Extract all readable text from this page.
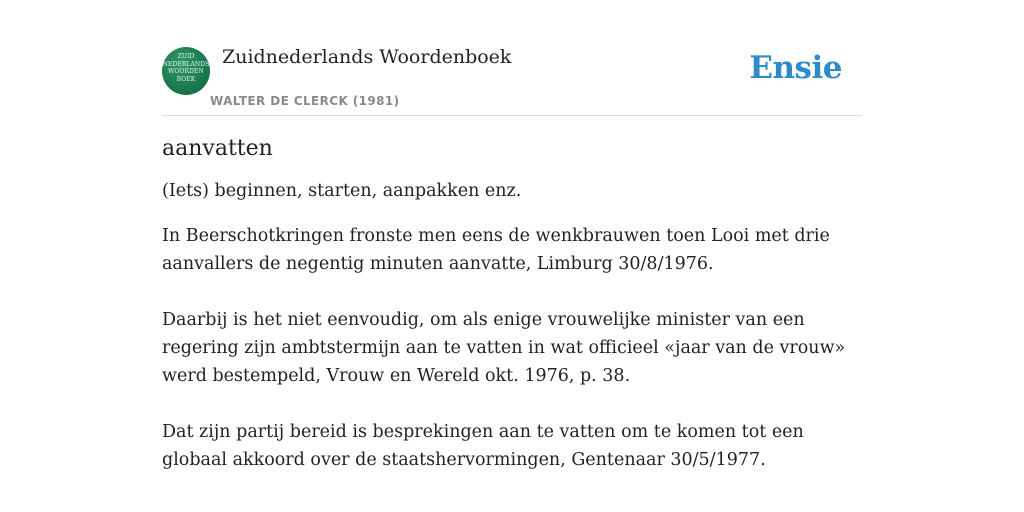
ZUID
NEDERLANDS
WOORDEN
BOEK
Zuidnederlands Woordenboek
WALTER DE CLERCK (1981)
Ensie
aanvatten

(Iets) beginnen, starten, aanpakken enz.

In Beerschotkringen fronste men eens de wenkbrauwen toen Looi met drie aanvallers de negentig minuten aanvatte, Limburg 30/8/1976.

Daarbij is het niet eenvoudig, om als enige vrouwelijke minister van een regering zijn ambtstermijn aan te vatten in wat officieel «jaar van de vrouw» werd bestempeld, Vrouw en Wereld okt. 1976, p. 38.

Dat zijn partij bereid is besprekingen aan te vatten om te komen tot een globaal akkoord over de staatshervormingen, Gentenaar 30/5/1977.
